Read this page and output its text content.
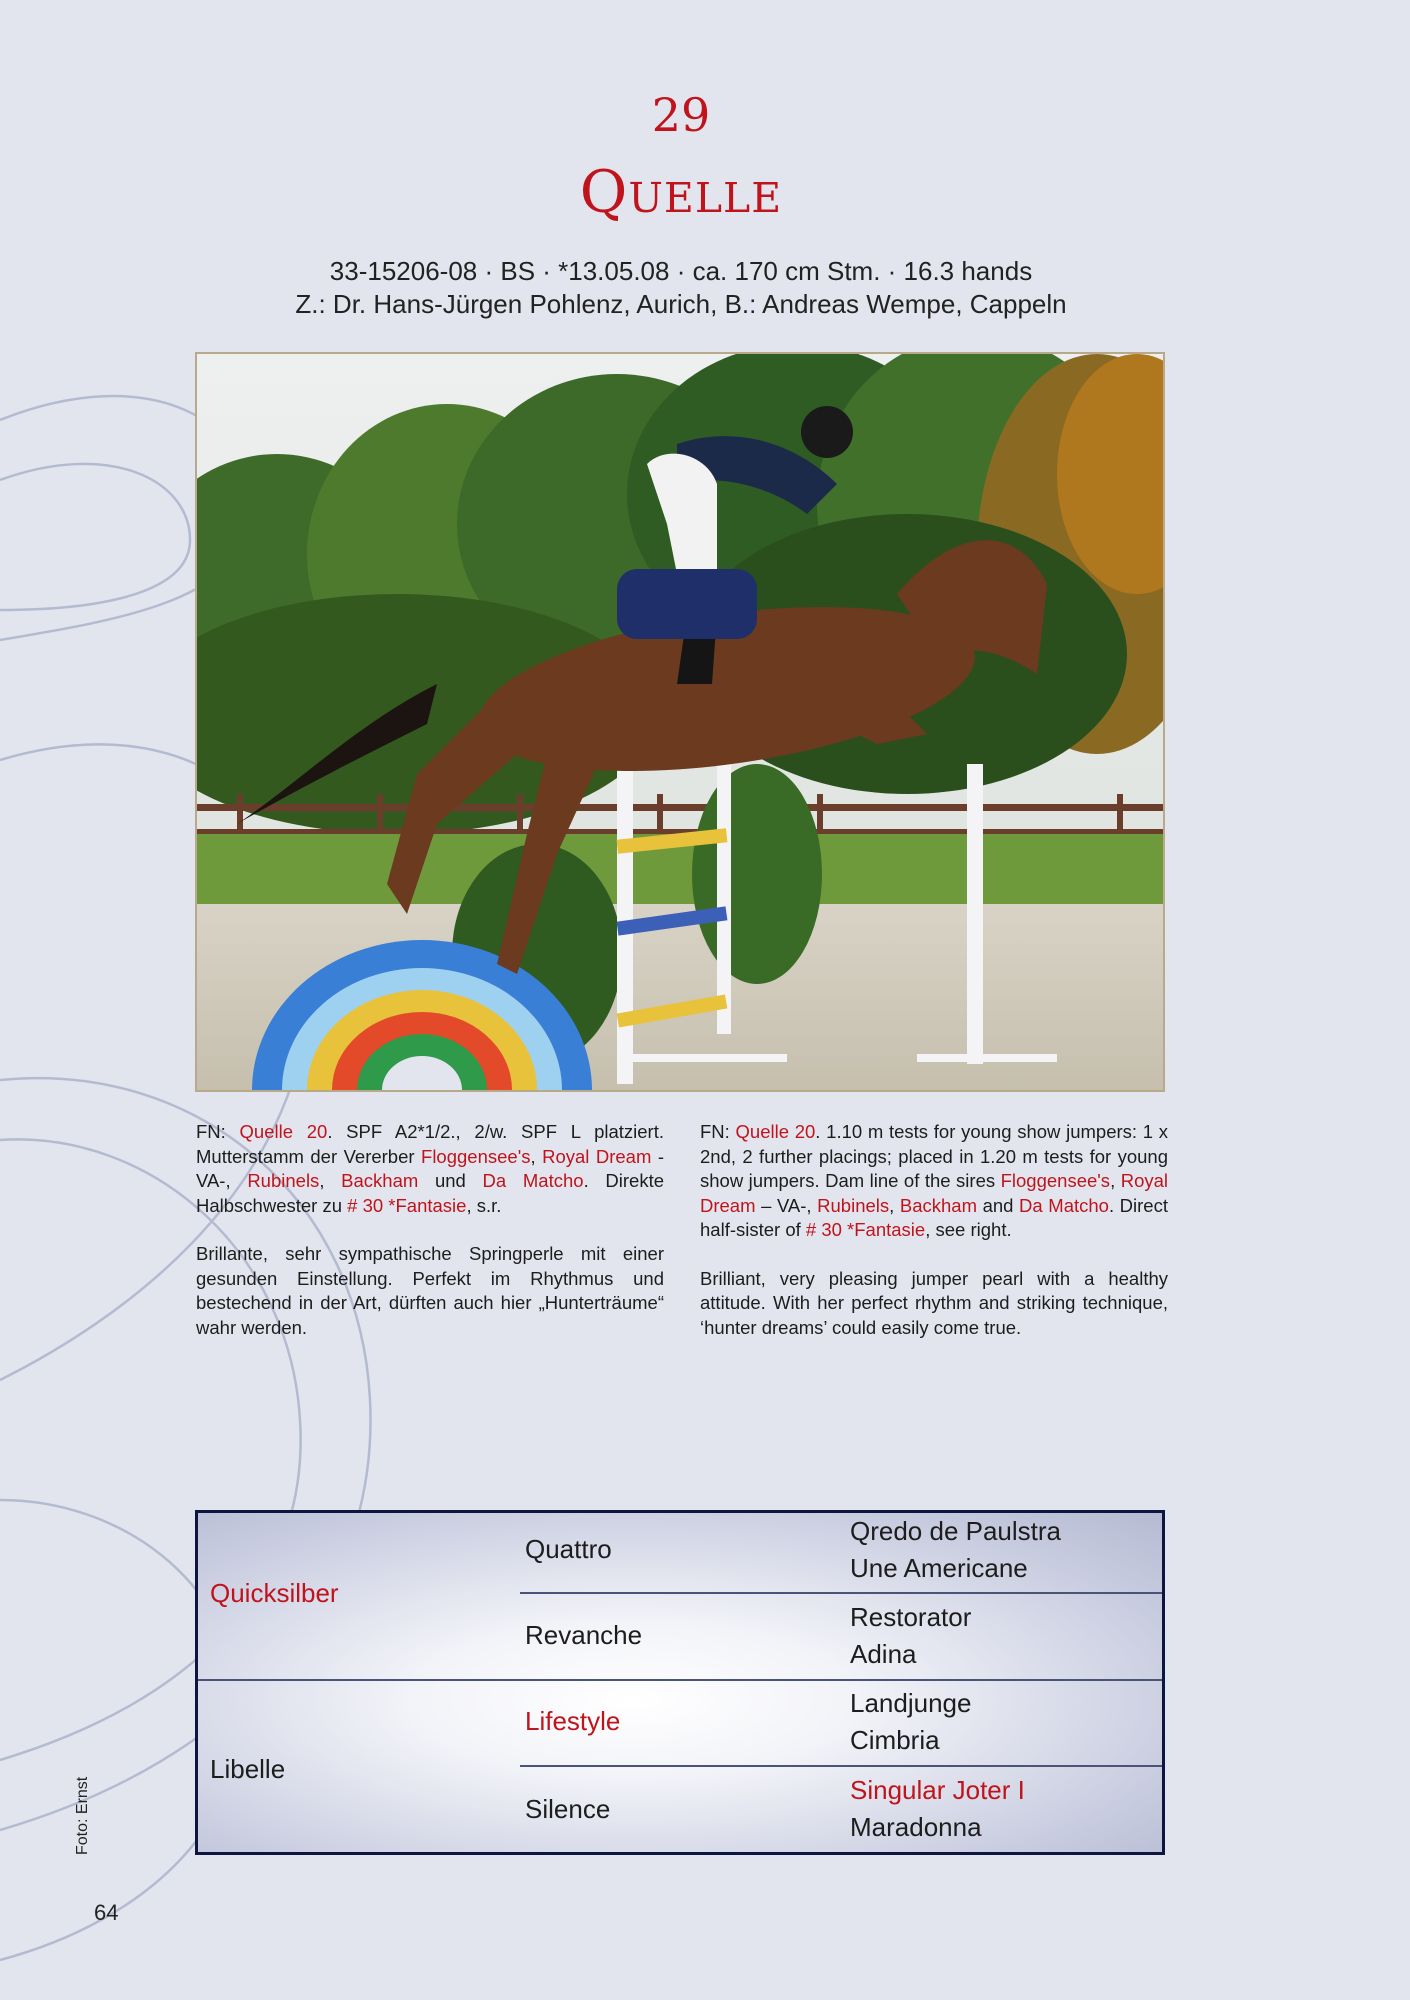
29
Quelle
33-15206-08 · BS · *13.05.08 · ca. 170 cm Stm. · 16.3 hands
Z.: Dr. Hans-Jürgen Pohlenz, Aurich, B.: Andreas Wempe, Cappeln

FN: Quelle 20. SPF A2*1/2., 2/w. SPF L platziert. Mutterstamm der Vererber Floggensee's, Royal Dream -VA-, Rubinels, Backham und Da Matcho. Direkte Halbschwester zu # 30 *Fantasie, s.r.

Brillante, sehr sympathische Springperle mit einer gesunden Einstellung. Perfekt im Rhythmus und bestechend in der Art, dürften auch hier „Hunterträume“ wahr werden.

FN: Quelle 20. 1.10 m tests for young show jumpers: 1 x 2nd, 2 further placings; placed in 1.20 m tests for young show jumpers. Dam line of the sires Floggensee's, Royal Dream – VA-, Rubinels, Backham and Da Matcho. Direct half-sister of # 30 *Fantasie, see right.

Brilliant, very pleasing jumper pearl with a healthy attitude. With her perfect rhythm and striking technique, ‘hunter dreams’ could easily come true.

Quicksilber
Libelle
Quattro
Revanche
Lifestyle
Silence
Qredo de Paulstra
Une Americane
Restorator
Adina
Landjunge
Cimbria
Singular Joter I
Maradonna
Foto: Ernst
64
